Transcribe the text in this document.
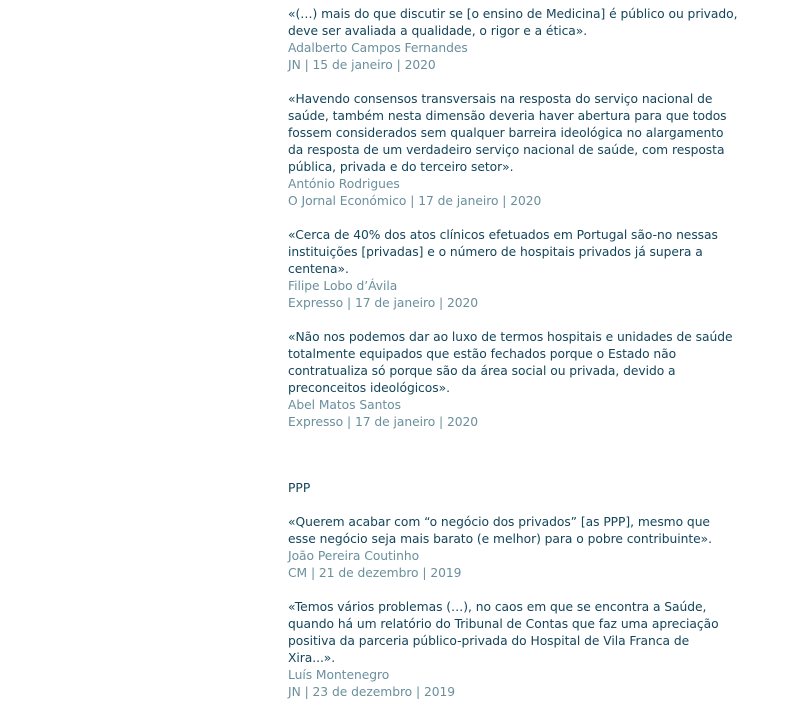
«(…) mais do que discutir se [o ensino de Medicina] é público ou privado, deve ser avaliada a qualidade, o rigor e a ética».

Adalberto Campos Fernandes

JN | 15 de janeiro | 2020

«Havendo consensos transversais na resposta do serviço nacional de saúde, também nesta dimensão deveria haver abertura para que todos fossem considerados sem qualquer barreira ideológica no alargamento da resposta de um verdadeiro serviço nacional de saúde, com resposta pública, privada e do terceiro setor».

António Rodrigues

O Jornal Económico | 17 de janeiro | 2020

«Cerca de 40% dos atos clínicos efetuados em Portugal são-no nessas instituições [privadas] e o número de hospitais privados já supera a centena».

Filipe Lobo d’Ávila

Expresso | 17 de janeiro | 2020

«Não nos podemos dar ao luxo de termos hospitais e unidades de saúde totalmente equipados que estão fechados porque o Estado não contratualiza só porque são da área social ou privada, devido a preconceitos ideológicos».

Abel Matos Santos

Expresso | 17 de janeiro | 2020

PPP

«Querem acabar com “o negócio dos privados” [as PPP], mesmo que esse negócio seja mais barato (e melhor) para o pobre contribuinte».

João Pereira Coutinho

CM | 21 de dezembro | 2019

«Temos vários problemas (…), no caos em que se encontra a Saúde, quando há um relatório do Tribunal de Contas que faz uma apreciação positiva da parceria público-privada do Hospital de Vila Franca de Xira...».

Luís Montenegro

JN | 23 de dezembro | 2019
